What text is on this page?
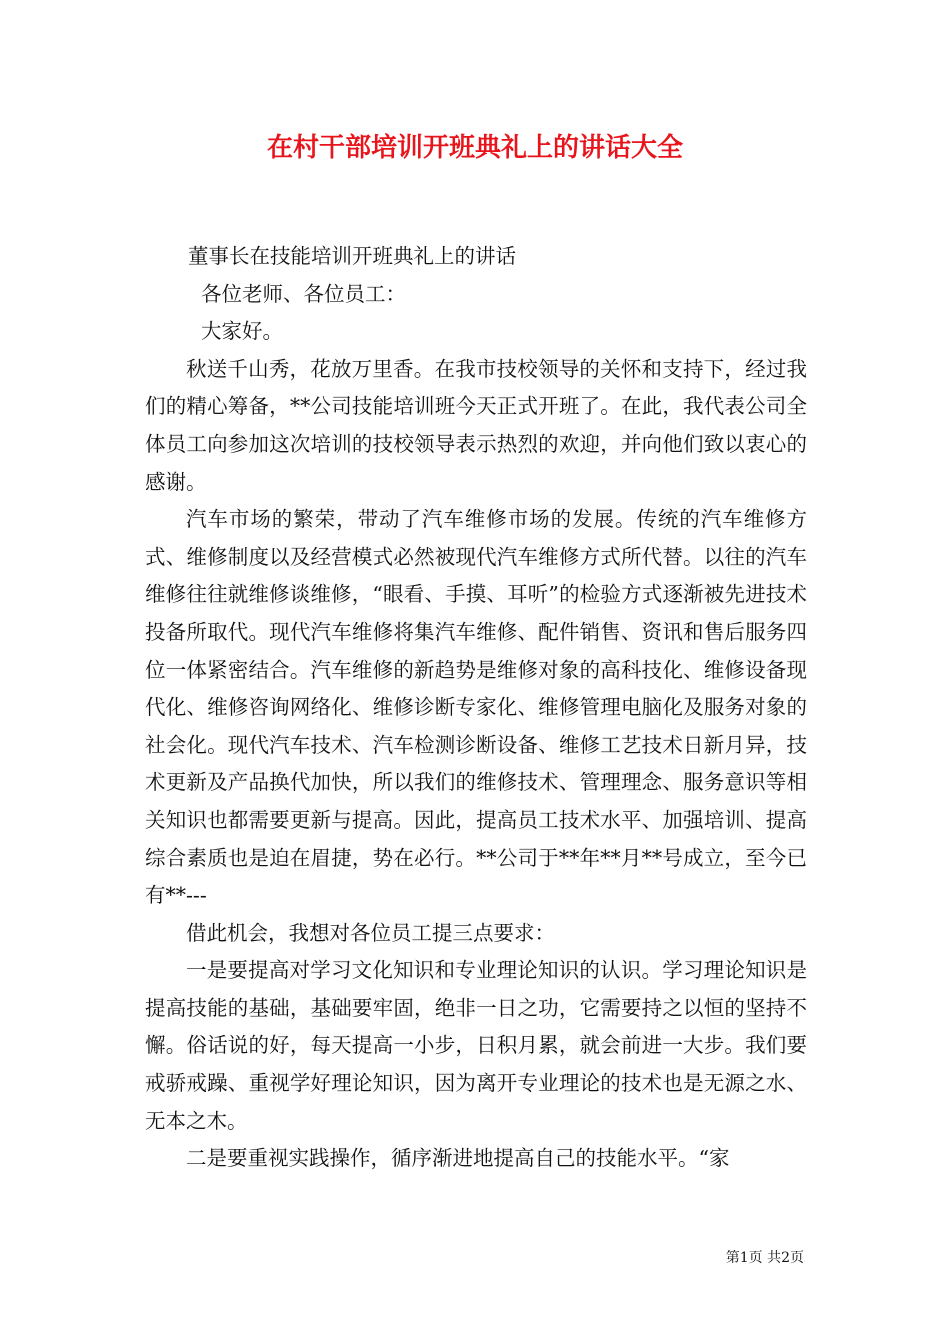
在村干部培训开班典礼上的讲话大全

董事长在技能培训开班典礼上的讲话

各位老师、各位员工：

大家好。

秋送千山秀，花放万里香。在我市技校领导的关怀和支持下，经过我们的精心筹备，**公司技能培训班今天正式开班了。在此，我代表公司全体员工向参加这次培训的技校领导表示热烈的欢迎，并向他们致以衷心的感谢。

汽车市场的繁荣，带动了汽车维修市场的发展。传统的汽车维修方式、维修制度以及经营模式必然被现代汽车维修方式所代替。以往的汽车维修往往就维修谈维修，“眼看、手摸、耳听”的检验方式逐渐被先进技术投备所取代。现代汽车维修将集汽车维修、配件销售、资讯和售后服务四位一体紧密结合。汽车维修的新趋势是维修对象的高科技化、维修设备现代化、维修咨询网络化、维修诊断专家化、维修管理电脑化及服务对象的社会化。现代汽车技术、汽车检测诊断设备、维修工艺技术日新月异，技术更新及产品换代加快，所以我们的维修技术、管理理念、服务意识等相关知识也都需要更新与提高。因此，提高员工技术水平、加强培训、提高综合素质也是迫在眉捷，势在必行。**公司于**年**月**号成立，至今已有**---

借此机会，我想对各位员工提三点要求：

一是要提高对学习文化知识和专业理论知识的认识。学习理论知识是提高技能的基础，基础要牢固，绝非一日之功，它需要持之以恒的坚持不懈。俗话说的好，每天提高一小步，日积月累，就会前进一大步。我们要戒骄戒躁、重视学好理论知识，因为离开专业理论的技术也是无源之水、无本之木。

二是要重视实践操作，循序渐进地提高自己的技能水平。“家

第1页 共2页
